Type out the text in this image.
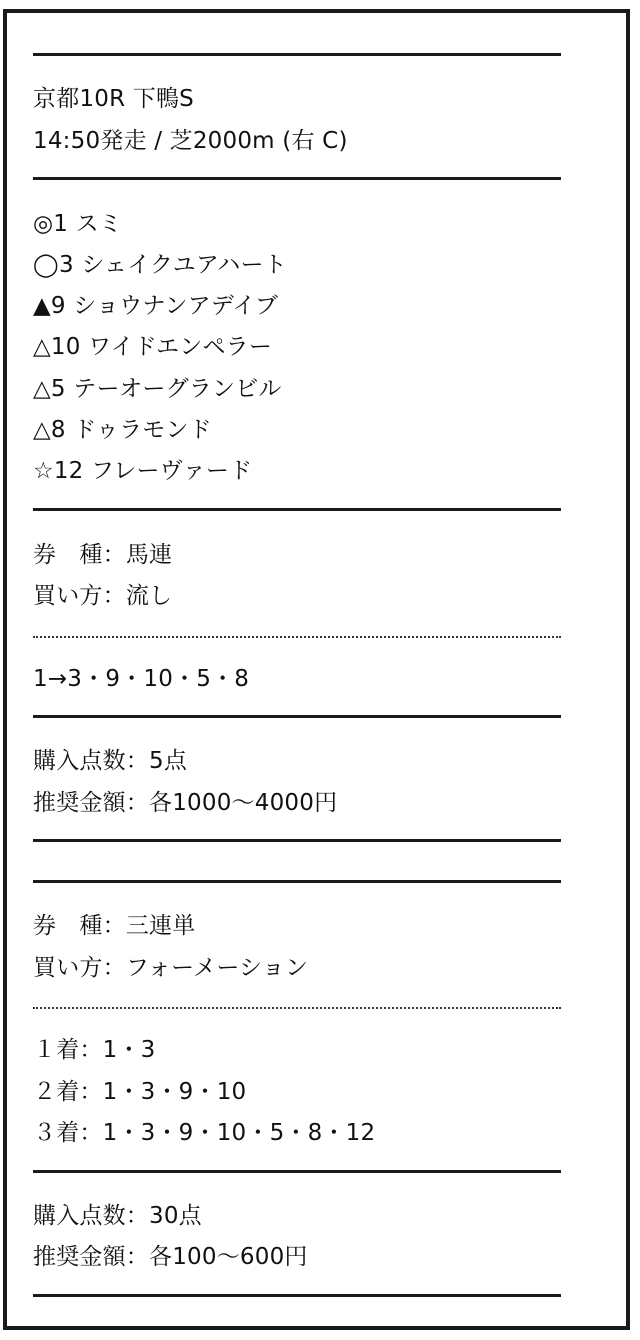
京都10R 下鴨S
14:50発走 / 芝2000m (右 C)
◎1 スミ
◯3 シェイクユアハート
▲9 ショウナンアデイブ
△10 ワイドエンペラー
△5 テーオーグランビル
△8 ドゥラモンド
☆12 フレーヴァード
券　種：馬連
買い方：流し
1→3・9・10・5・8
購入点数：5点
推奨金額：各1000〜4000円
券　種：三連単
買い方：フォーメーション
１着：1・3
２着：1・3・9・10
３着：1・3・9・10・5・8・12
購入点数：30点
推奨金額：各100〜600円
